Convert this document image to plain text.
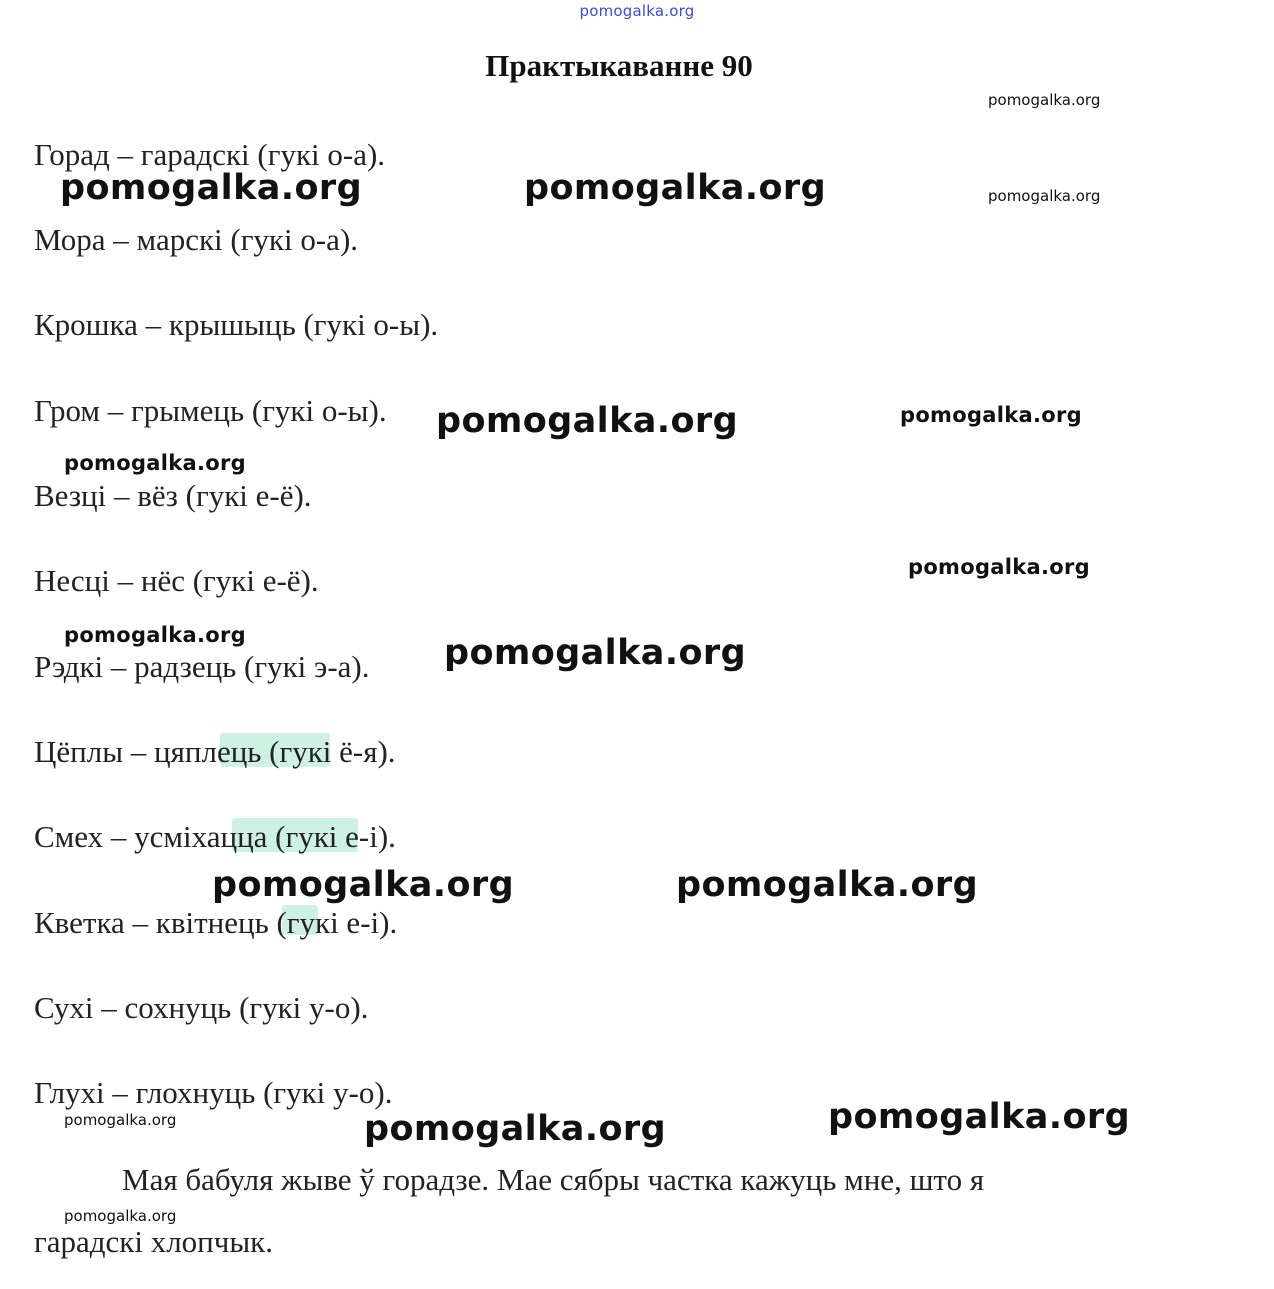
pomogalka.org
Практыкаванне 90
Горад – гарадскі (гукі о-а).
Мора – марскі (гукі о-а).
Крошка – крышыць (гукі о-ы).
Гром – грымець (гукі о-ы).
Везці – вёз (гукі е-ё).
Несці – нёс (гукі е-ё).
Рэдкі – радзець (гукі э-а).
Цёплы – цяплець (гукі ё-я).
Смех – усміхацца (гукі е-і).
Кветка – квітнець (гукі е-і).
Сухі – сохнуць (гукі у-о).
Глухі – глохнуць (гукі у-о).
Мая бабуля жыве ў горадзе. Мае сябры частка кажуць мне, што я
гарадскі хлопчык.
pomogalka.org
pomogalka.org	pomogalka.org	pomogalka.org
pomogalka.org	pomogalka.org
pomogalka.org
pomogalka.org
pomogalka.org	pomogalka.org
pomogalka.org	pomogalka.org
pomogalka.org
pomogalka.org	pomogalka.org
pomogalka.org
